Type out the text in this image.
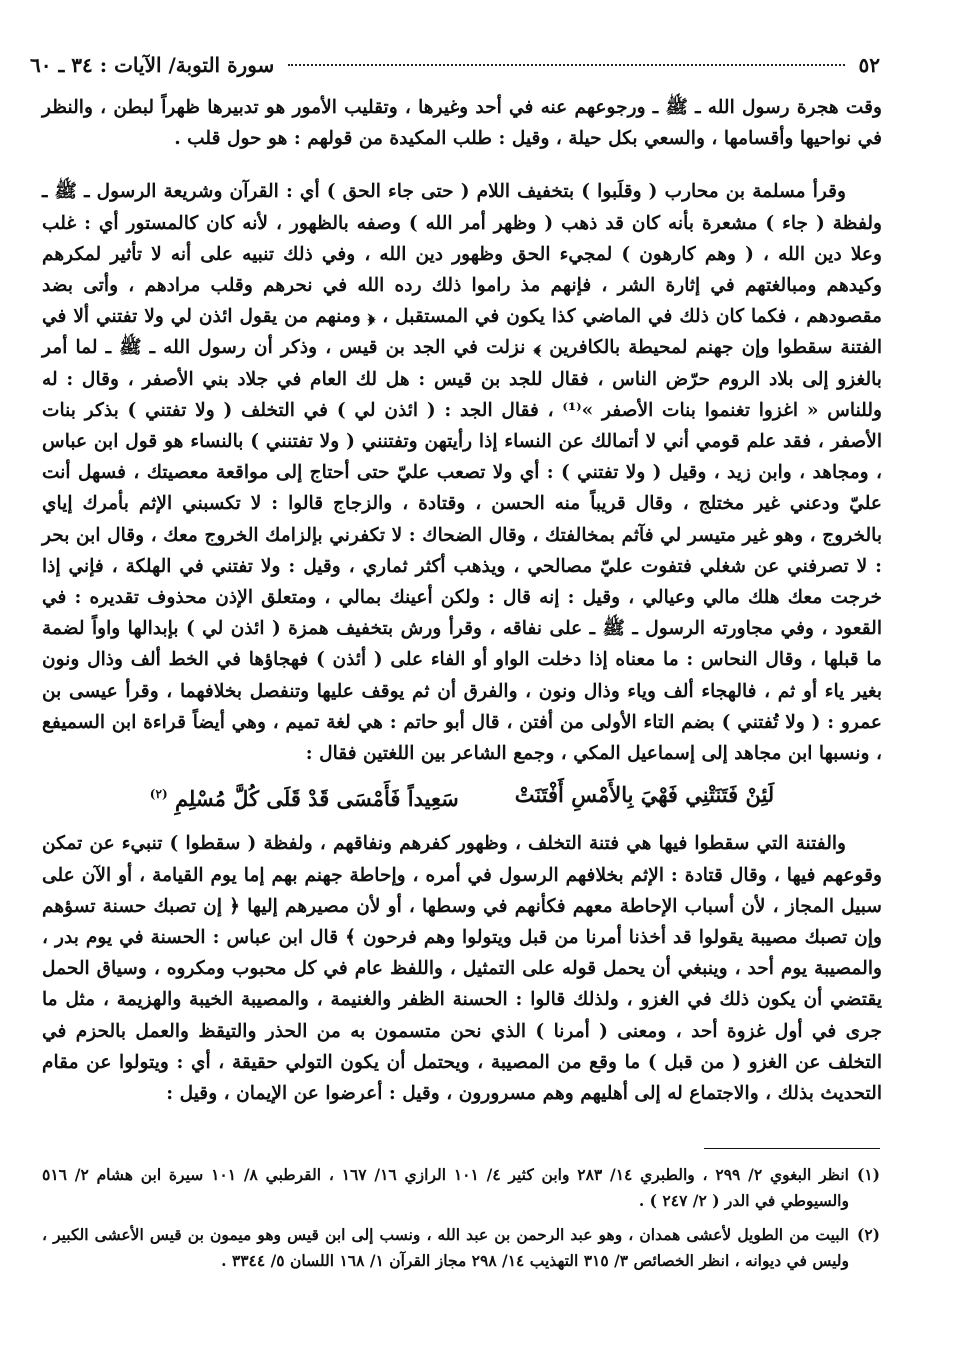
٥٢
سورة التوبة/ الآيات : ٣٤ ـ ٦٠

وقت هجرة رسول الله ـ ﷺ ـ ورجوعهم عنه في أحد وغيرها ، وتقليب الأمور هو تدبيرها ظهراً لبطن ، والنظر في نواحيها وأقسامها ، والسعي بكل حيلة ، وقيل : طلب المكيدة من قولهم : هو حول قلب .

وقرأ مسلمة بن محارب ( وقلَبوا ) بتخفيف اللام ( حتى جاء الحق ) أي : القرآن وشريعة الرسول ـ ﷺ ـ ولفظة ( جاء ) مشعرة بأنه كان قد ذهب ( وظهر أمر الله ) وصفه بالظهور ، لأنه كان كالمستور أي : غلب وعلا دين الله ، ( وهم كارهون ) لمجيء الحق وظهور دين الله ، وفي ذلك تنبيه على أنه لا تأثير لمكرهم وكيدهم ومبالغتهم في إثارة الشر ، فإنهم مذ راموا ذلك رده الله في نحرهم وقلب مرادهم ، وأتى بضد مقصودهم ، فكما كان ذلك في الماضي كذا يكون في المستقبل ، ﴿ ومنهم من يقول ائذن لي ولا تفتني ألا في الفتنة سقطوا وإن جهنم لمحيطة بالكافرين ﴾ نزلت في الجد بن قيس ، وذكر أن رسول الله ـ ﷺ ـ لما أمر بالغزو إلى بلاد الروم حرّض الناس ، فقال للجد بن قيس : هل لك العام في جلاد بني الأصفر ، وقال : له وللناس « اغزوا تغنموا بنات الأصفر »⁽¹⁾ ، فقال الجد : ( ائذن لي ) في التخلف ( ولا تفتني ) بذكر بنات الأصفر ، فقد علم قومي أني لا أتمالك عن النساء إذا رأيتهن وتفتنني ( ولا تفتنني ) بالنساء هو قول ابن عباس ، ومجاهد ، وابن زيد ، وقيل ( ولا تفتني ) : أي ولا تصعب عليّ حتى أحتاج إلى مواقعة معصيتك ، فسهل أنت عليّ ودعني غير مختلج ، وقال قريباً منه الحسن ، وقتادة ، والزجاج قالوا : لا تكسبني الإثم بأمرك إياي بالخروج ، وهو غير متيسر لي فآثم بمخالفتك ، وقال الضحاك : لا تكفرني بإلزامك الخروج معك ، وقال ابن بحر : لا تصرفني عن شغلي فتفوت عليّ مصالحي ، ويذهب أكثر ثماري ، وقيل : ولا تفتني في الهلكة ، فإني إذا خرجت معك هلك مالي وعيالي ، وقيل : إنه قال : ولكن أعينك بمالي ، ومتعلق الإذن محذوف تقديره : في القعود ، وفي مجاورته الرسول ـ ﷺ ـ على نفاقه ، وقرأ ورش بتخفيف همزة ( ائذن لي ) بإبدالها واواً لضمة ما قبلها ، وقال النحاس : ما معناه إذا دخلت الواو أو الفاء على ( أئذن ) فهجاؤها في الخط ألف وذال ونون بغير ياء أو ثم ، فالهجاء ألف وياء وذال ونون ، والفرق أن ثم يوقف عليها وتنفصل بخلافهما ، وقرأ عيسى بن عمرو : ( ولا تُفتني ) بضم التاء الأولى من أفتن ، قال أبو حاتم : هي لغة تميم ، وهي أيضاً قراءة ابن السميفع ، ونسبها ابن مجاهد إلى إسماعيل المكي ، وجمع الشاعر بين اللغتين فقال :

لَئِنْ فَتَنَتْنِي فَهْيَ بِالأَمْسِ أَفْتَنَتْ
سَعِيداً فَأَمْسَى قَدْ قَلَى كُلَّ مُسْلِمِ $^{(٢)}$

والفتنة التي سقطوا فيها هي فتنة التخلف ، وظهور كفرهم ونفاقهم ، ولفظة ( سقطوا ) تنبيء عن تمكن وقوعهم فيها ، وقال قتادة : الإثم بخلافهم الرسول في أمره ، وإحاطة جهنم بهم إما يوم القيامة ، أو الآن على سبيل المجاز ، لأن أسباب الإحاطة معهم فكأنهم في وسطها ، أو لأن مصيرهم إليها ﴿ إن تصبك حسنة تسؤهم وإن تصبك مصيبة يقولوا قد أخذنا أمرنا من قبل ويتولوا وهم فرحون ﴾ قال ابن عباس : الحسنة في يوم بدر ، والمصيبة يوم أحد ، وينبغي أن يحمل قوله على التمثيل ، واللفظ عام في كل محبوب ومكروه ، وسياق الحمل يقتضي أن يكون ذلك في الغزو ، ولذلك قالوا : الحسنة الظفر والغنيمة ، والمصيبة الخيبة والهزيمة ، مثل ما جرى في أول غزوة أحد ، ومعنى ( أمرنا ) الذي نحن متسمون به من الحذر والتيقظ والعمل بالحزم في التخلف عن الغزو ( من قبل ) ما وقع من المصيبة ، ويحتمل أن يكون التولي حقيقة ، أي : ويتولوا عن مقام التحديث بذلك ، والاجتماع له إلى أهليهم وهم مسرورون ، وقيل : أعرضوا عن الإيمان ، وقيل :

(١)
انظر البغوي ٢/ ٢٩٩ ، والطبري ١٤/ ٢٨٣ وابن كثير ٤/ ١٠١ الرازي ١٦/ ١٦٧ ، القرطبي ٨/ ١٠١ سيرة ابن هشام ٢/ ٥١٦ والسيوطي في الدر ( ٢/ ٢٤٧ ) .
(٢)
البيت من الطويل لأعشى همدان ، وهو عبد الرحمن بن عبد الله ، ونسب إلى ابن قيس وهو ميمون بن قيس الأعشى الكبير ، وليس في ديوانه ، انظر الخصائص ٣/ ٣١٥ التهذيب ١٤/ ٢٩٨ مجاز القرآن ١/ ١٦٨ اللسان ٥/ ٣٣٤٤ .
